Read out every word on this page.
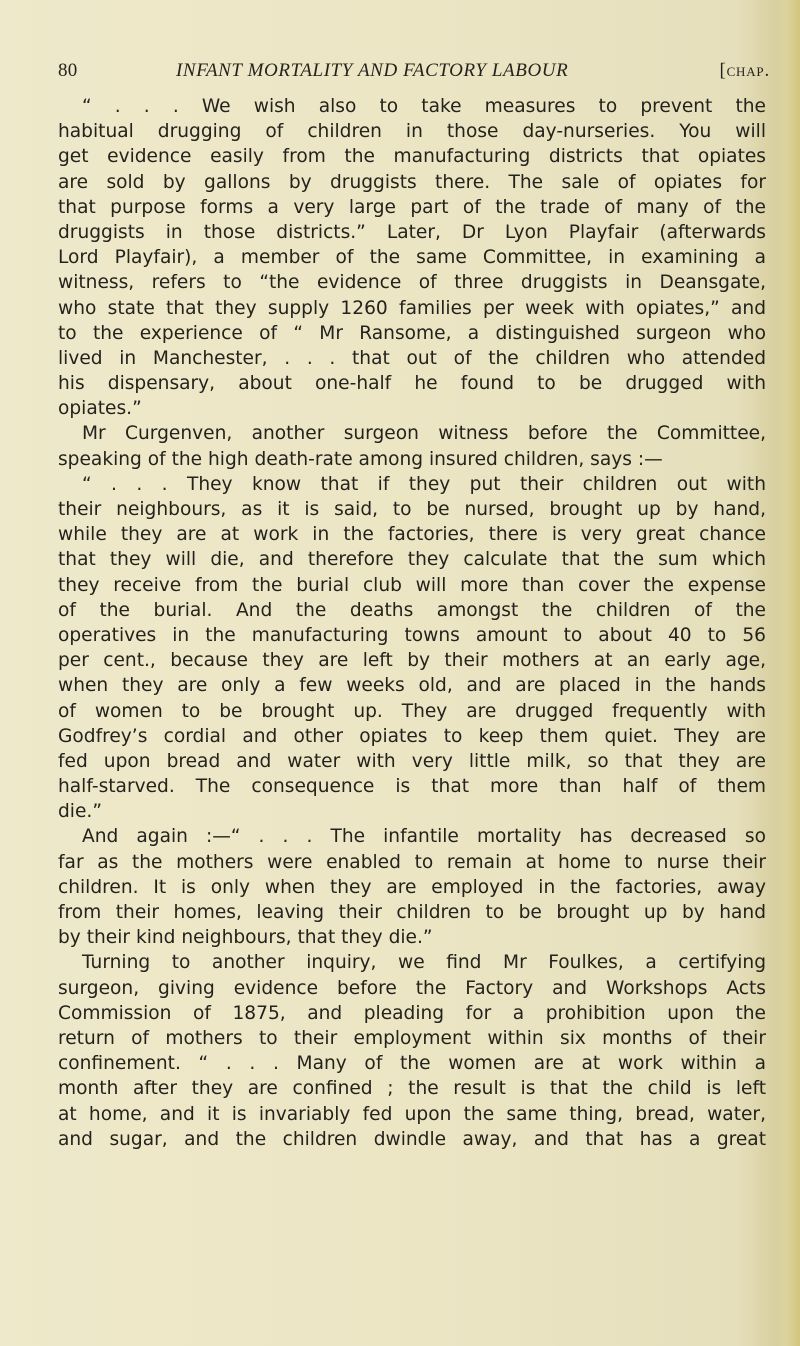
80	INFANT MORTALITY AND FACTORY LABOUR	[chap.
“ . . . We wish also to take measures to prevent the
habitual drugging of children in those day-nurseries. You will
get evidence easily from the manufacturing districts that opiates
are sold by gallons by druggists there. The sale of opiates for
that purpose forms a very large part of the trade of many of the
druggists in those districts.” Later, Dr Lyon Playfair (afterwards
Lord Playfair), a member of the same Committee, in examining a
witness, refers to “the evidence of three druggists in Deansgate,
who state that they supply 1260 families per week with opiates,” and
to the experience of “ Mr Ransome, a distinguished surgeon who
lived in Manchester, . . . that out of the children who attended
his dispensary, about one-half he found to be drugged with
opiates.”
Mr Curgenven, another surgeon witness before the Committee,
speaking of the high death-rate among insured children, says :—
“ . . . They know that if they put their children out with
their neighbours, as it is said, to be nursed, brought up by hand,
while they are at work in the factories, there is very great chance
that they will die, and therefore they calculate that the sum which
they receive from the burial club will more than cover the expense
of the burial. And the deaths amongst the children of the
operatives in the manufacturing towns amount to about 40 to 56
per cent., because they are left by their mothers at an early age,
when they are only a few weeks old, and are placed in the hands
of women to be brought up. They are drugged frequently with
Godfrey’s cordial and other opiates to keep them quiet. They are
fed upon bread and water with very little milk, so that they are
half-starved. The consequence is that more than half of them
die.”
And again :—“ . . . The infantile mortality has decreased so
far as the mothers were enabled to remain at home to nurse their
children. It is only when they are employed in the factories, away
from their homes, leaving their children to be brought up by hand
by their kind neighbours, that they die.”
Turning to another inquiry, we find Mr Foulkes, a certifying
surgeon, giving evidence before the Factory and Workshops Acts
Commission of 1875, and pleading for a prohibition upon the
return of mothers to their employment within six months of their
confinement. “ . . . Many of the women are at work within a
month after they are confined ; the result is that the child is left
at home, and it is invariably fed upon the same thing, bread, water,
and sugar, and the children dwindle away, and that has a great
